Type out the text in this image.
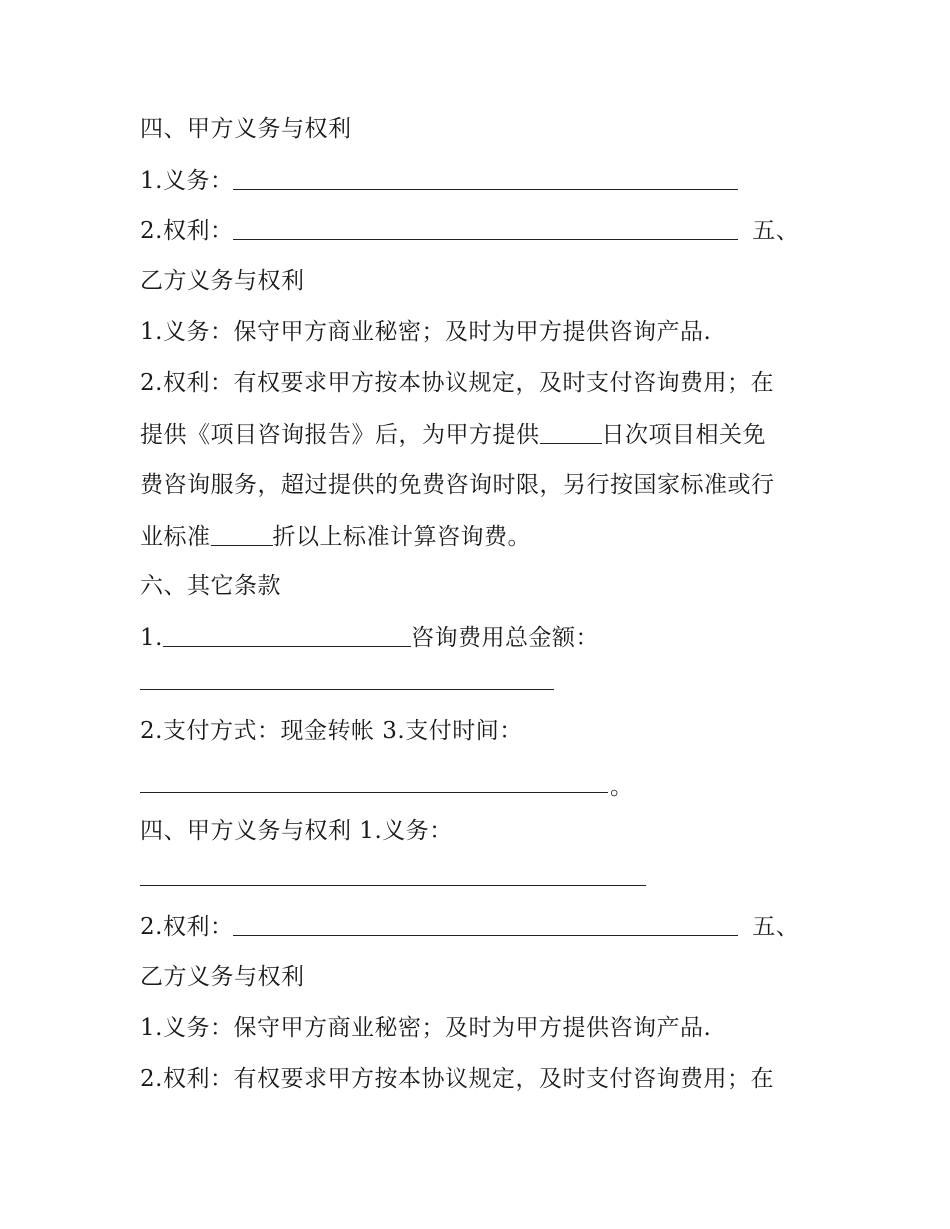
四、甲方义务与权利
1.义务：
2.权利：	五、
乙方义务与权利
1.义务：保守甲方商业秘密；及时为甲方提供咨询产品.
2.权利：有权要求甲方按本协议规定，及时支付咨询费用；在
提供《项目咨询报告》后，为甲方提供	日次项目相关免
费咨询服务，超过提供的免费咨询时限，另行按国家标准或行
业标准	折以上标准计算咨询费。
六、其它条款
1.	咨询费用总金额：
2.支付方式：现金转帐 3.支付时间：
。
四、甲方义务与权利 1.义务：
2.权利：	五、
乙方义务与权利
1.义务：保守甲方商业秘密；及时为甲方提供咨询产品.
2.权利：有权要求甲方按本协议规定，及时支付咨询费用；在
